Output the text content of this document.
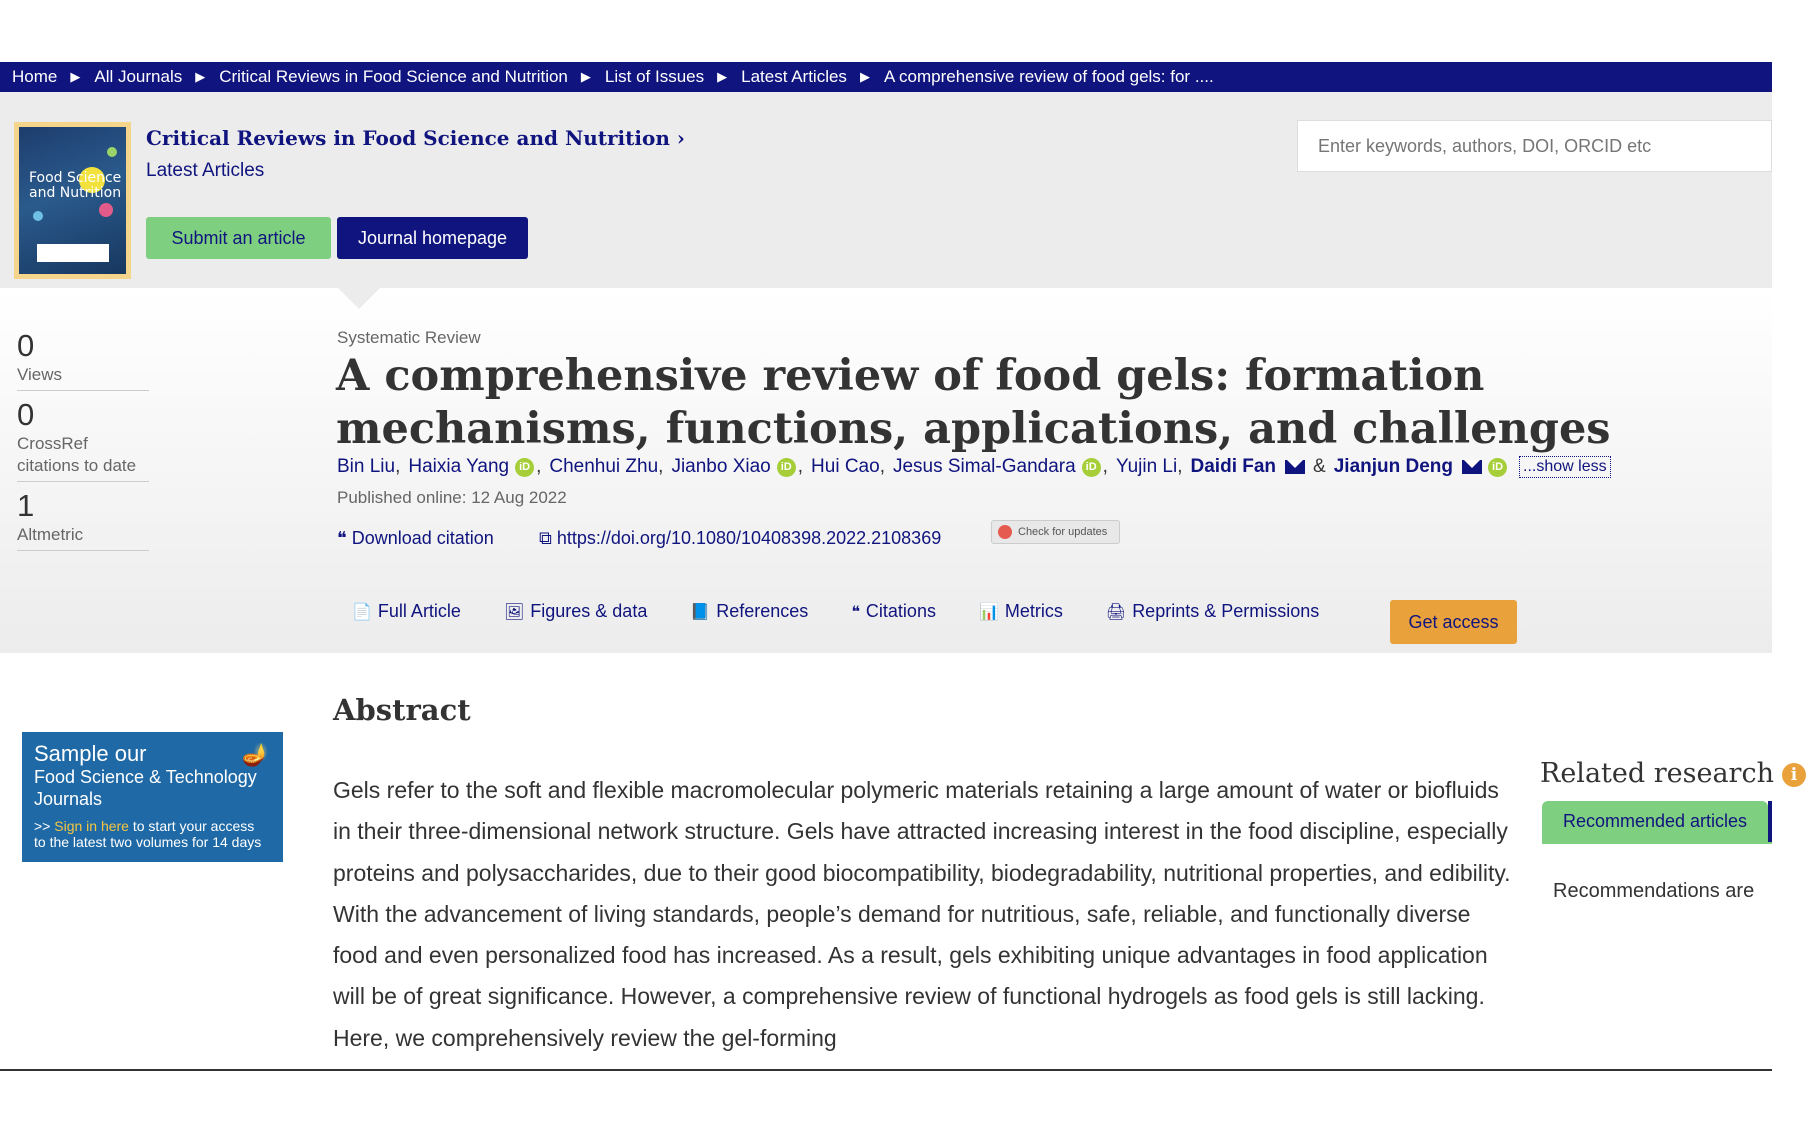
Home ▶ All Journals ▶ Critical Reviews in Food Science and Nutrition ▶ List of Issues ▶ Latest Articles ▶ A comprehensive review of food gels: for ....
Food Science and Nutrition
Critical Reviews in Food Science and Nutrition ›
Latest Articles
Submit an article	Journal homepage
Enter keywords, authors, DOI, ORCID etc
0
Views
0
CrossRef citations to date
1
Altmetric
Systematic Review
A comprehensive review of food gels: formation mechanisms, functions, applications, and challenges
Bin Liu , Haixia Yang iD , Chenhui Zhu , Jianbo Xiao iD , Hui Cao , Jesus Simal-Gandara iD , Yujin Li , Daidi Fan & Jianjun Deng	iD ...show less
Published online: 12 Aug 2022
❝ Download citation	⧉ https://doi.org/10.1080/10408398.2022.2108369	Check for updates
📄 Full Article	🖼 Figures & data	📘 References	❝ Citations	📊 Metrics	🖨 Reprints & Permissions
Get access
Abstract

Gels refer to the soft and flexible macromolecular polymeric materials retaining a large amount of water or biofluids in their three-dimensional network structure. Gels have attracted increasing interest in the food discipline, especially proteins and polysaccharides, due to their good biocompatibility, biodegradability, nutritional properties, and edibility. With the advancement of living standards, people’s demand for nutritious, safe, reliable, and functionally diverse food and even personalized food has increased. As a result, gels exhibiting unique advantages in food application will be of great significance. However, a comprehensive review of functional hydrogels as food gels is still lacking. Here, we comprehensively review the gel-forming

🪔
Sample our
Food Science & Technology
Journals
>> Sign in here to start your access
to the latest two volumes for 14 days
Related research i
Recommended articles
Recommendations are
